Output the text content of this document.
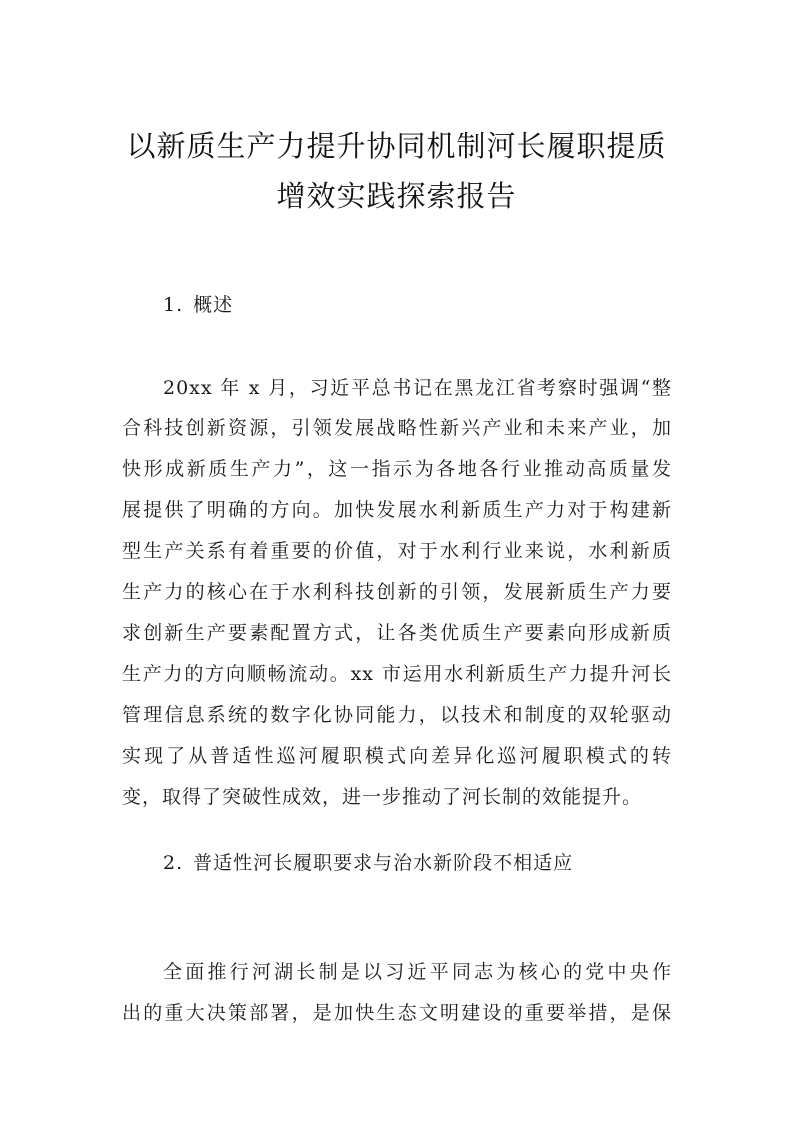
以新质生产力提升协同机制河长履职提质
增效实践探索报告
1. 概述
20xx 年 x 月，习近平总书记在黑龙江省考察时强调“整
合科技创新资源，引领发展战略性新兴产业和未来产业，加
快形成新质生产力”，这一指示为各地各行业推动高质量发
展提供了明确的方向。加快发展水利新质生产力对于构建新
型生产关系有着重要的价值，对于水利行业来说，水利新质
生产力的核心在于水利科技创新的引领，发展新质生产力要
求创新生产要素配置方式，让各类优质生产要素向形成新质
生产力的方向顺畅流动。xx 市运用水利新质生产力提升河长
管理信息系统的数字化协同能力，以技术和制度的双轮驱动
实现了从普适性巡河履职模式向差异化巡河履职模式的转
变，取得了突破性成效，进一步推动了河长制的效能提升。
2. 普适性河长履职要求与治水新阶段不相适应
全面推行河湖长制是以习近平同志为核心的党中央作
出的重大决策部署，是加快生态文明建设的重要举措，是保
